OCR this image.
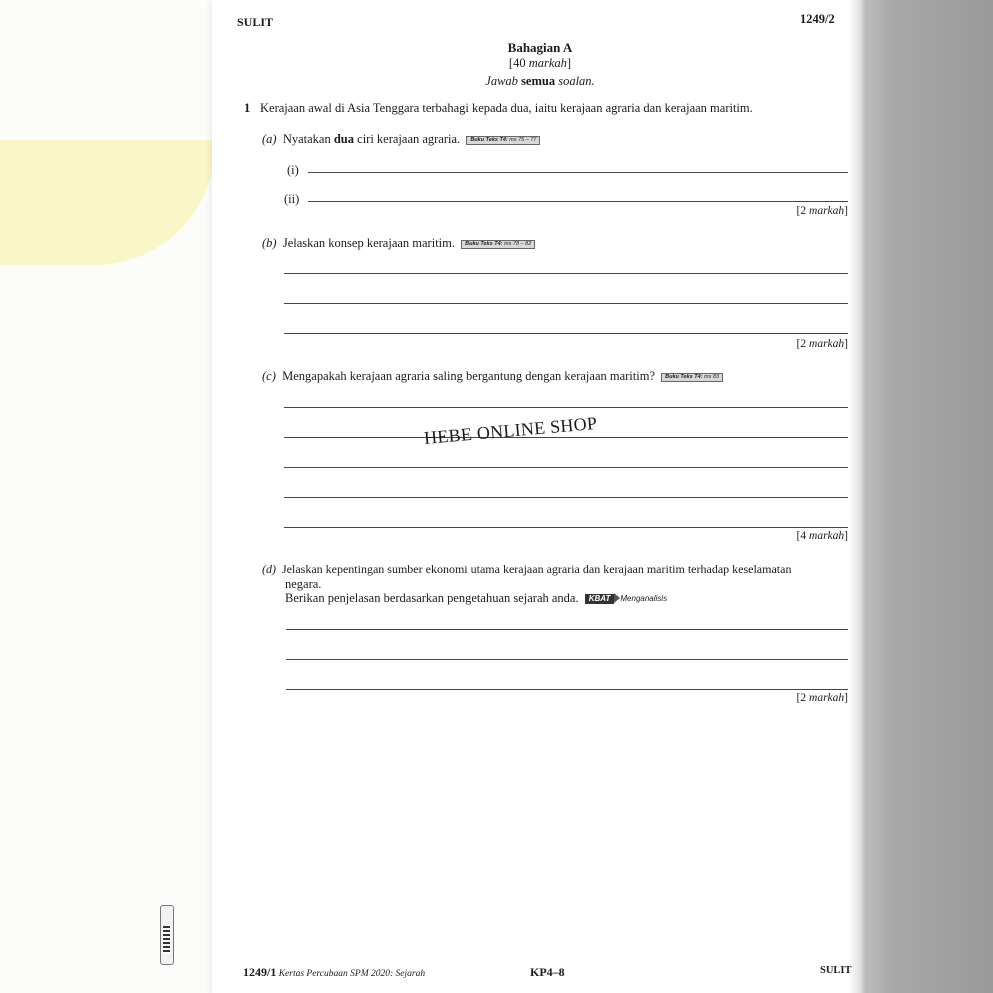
SULIT	1249/2
Bahagian A
[40 markah]
Jawab semua soalan.
1 Kerajaan awal di Asia Tenggara terbahagi kepada dua, iaitu kerajaan agraria dan kerajaan maritim.
(a) Nyatakan dua ciri kerajaan agraria. Buku Teks T4: ms 75 – 77
(i)
(ii)
[2 markah]
(b) Jelaskan konsep kerajaan maritim. Buku Teks T4: ms 78 – 82
[2 markah]
(c) Mengapakah kerajaan agraria saling bergantung dengan kerajaan maritim? Buku Teks T4: ms 83
[4 markah]
HEBE ONLINE SHOP
(d) Jelaskan kepentingan sumber ekonomi utama kerajaan agraria dan kerajaan maritim terhadap keselamatan
negara.
Berikan penjelasan berdasarkan pengetahuan sejarah anda. KBAT Menganalisis
[2 markah]
1249/1 Kertas Percubaan SPM 2020: Sejarah	KP4–8	SULIT
